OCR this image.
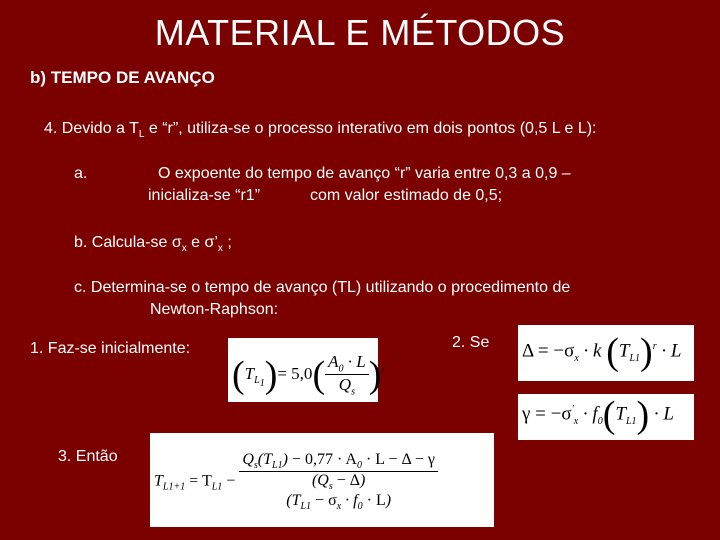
MATERIAL E MÉTODOS
b) TEMPO DE AVANÇO
4. Devido a $T_L$ e “r”, utiliza-se o processo interativo em dois pontos (0,5 L e L):
a.	O expoente do tempo de avanço “r” varia entre 0,3 a 0,9 –
inicializa-se “r1”	com valor estimado de 0,5;
b. Calcula-se $\sigma_x$ e $\sigma’_x$ ;
c. Determina-se o tempo de avanço (TL) utilizando o procedimento de
Newton-Raphson:
1. Faz-se inicialmente:	2. Se
3. Então
$(T_{L_1})= 5,0( \frac{A_0 \cdot L}{Q_s} )^r$
$\Delta = -\sigma_x \cdot k$ $(T_{L1})^r \cdot L$
$\gamma = -\sigma'_x \cdot f_0(T_{L1}) \cdot L$
$T_{L1+1} = T_{L1} - Q_s(T_{L1}) - 0,77 \cdot A_0 \cdot L - \Delta - \gamma$
$(Q_s - \Delta)$
$(T_{L1} - \sigma_x \cdot f_0 \cdot L)$
